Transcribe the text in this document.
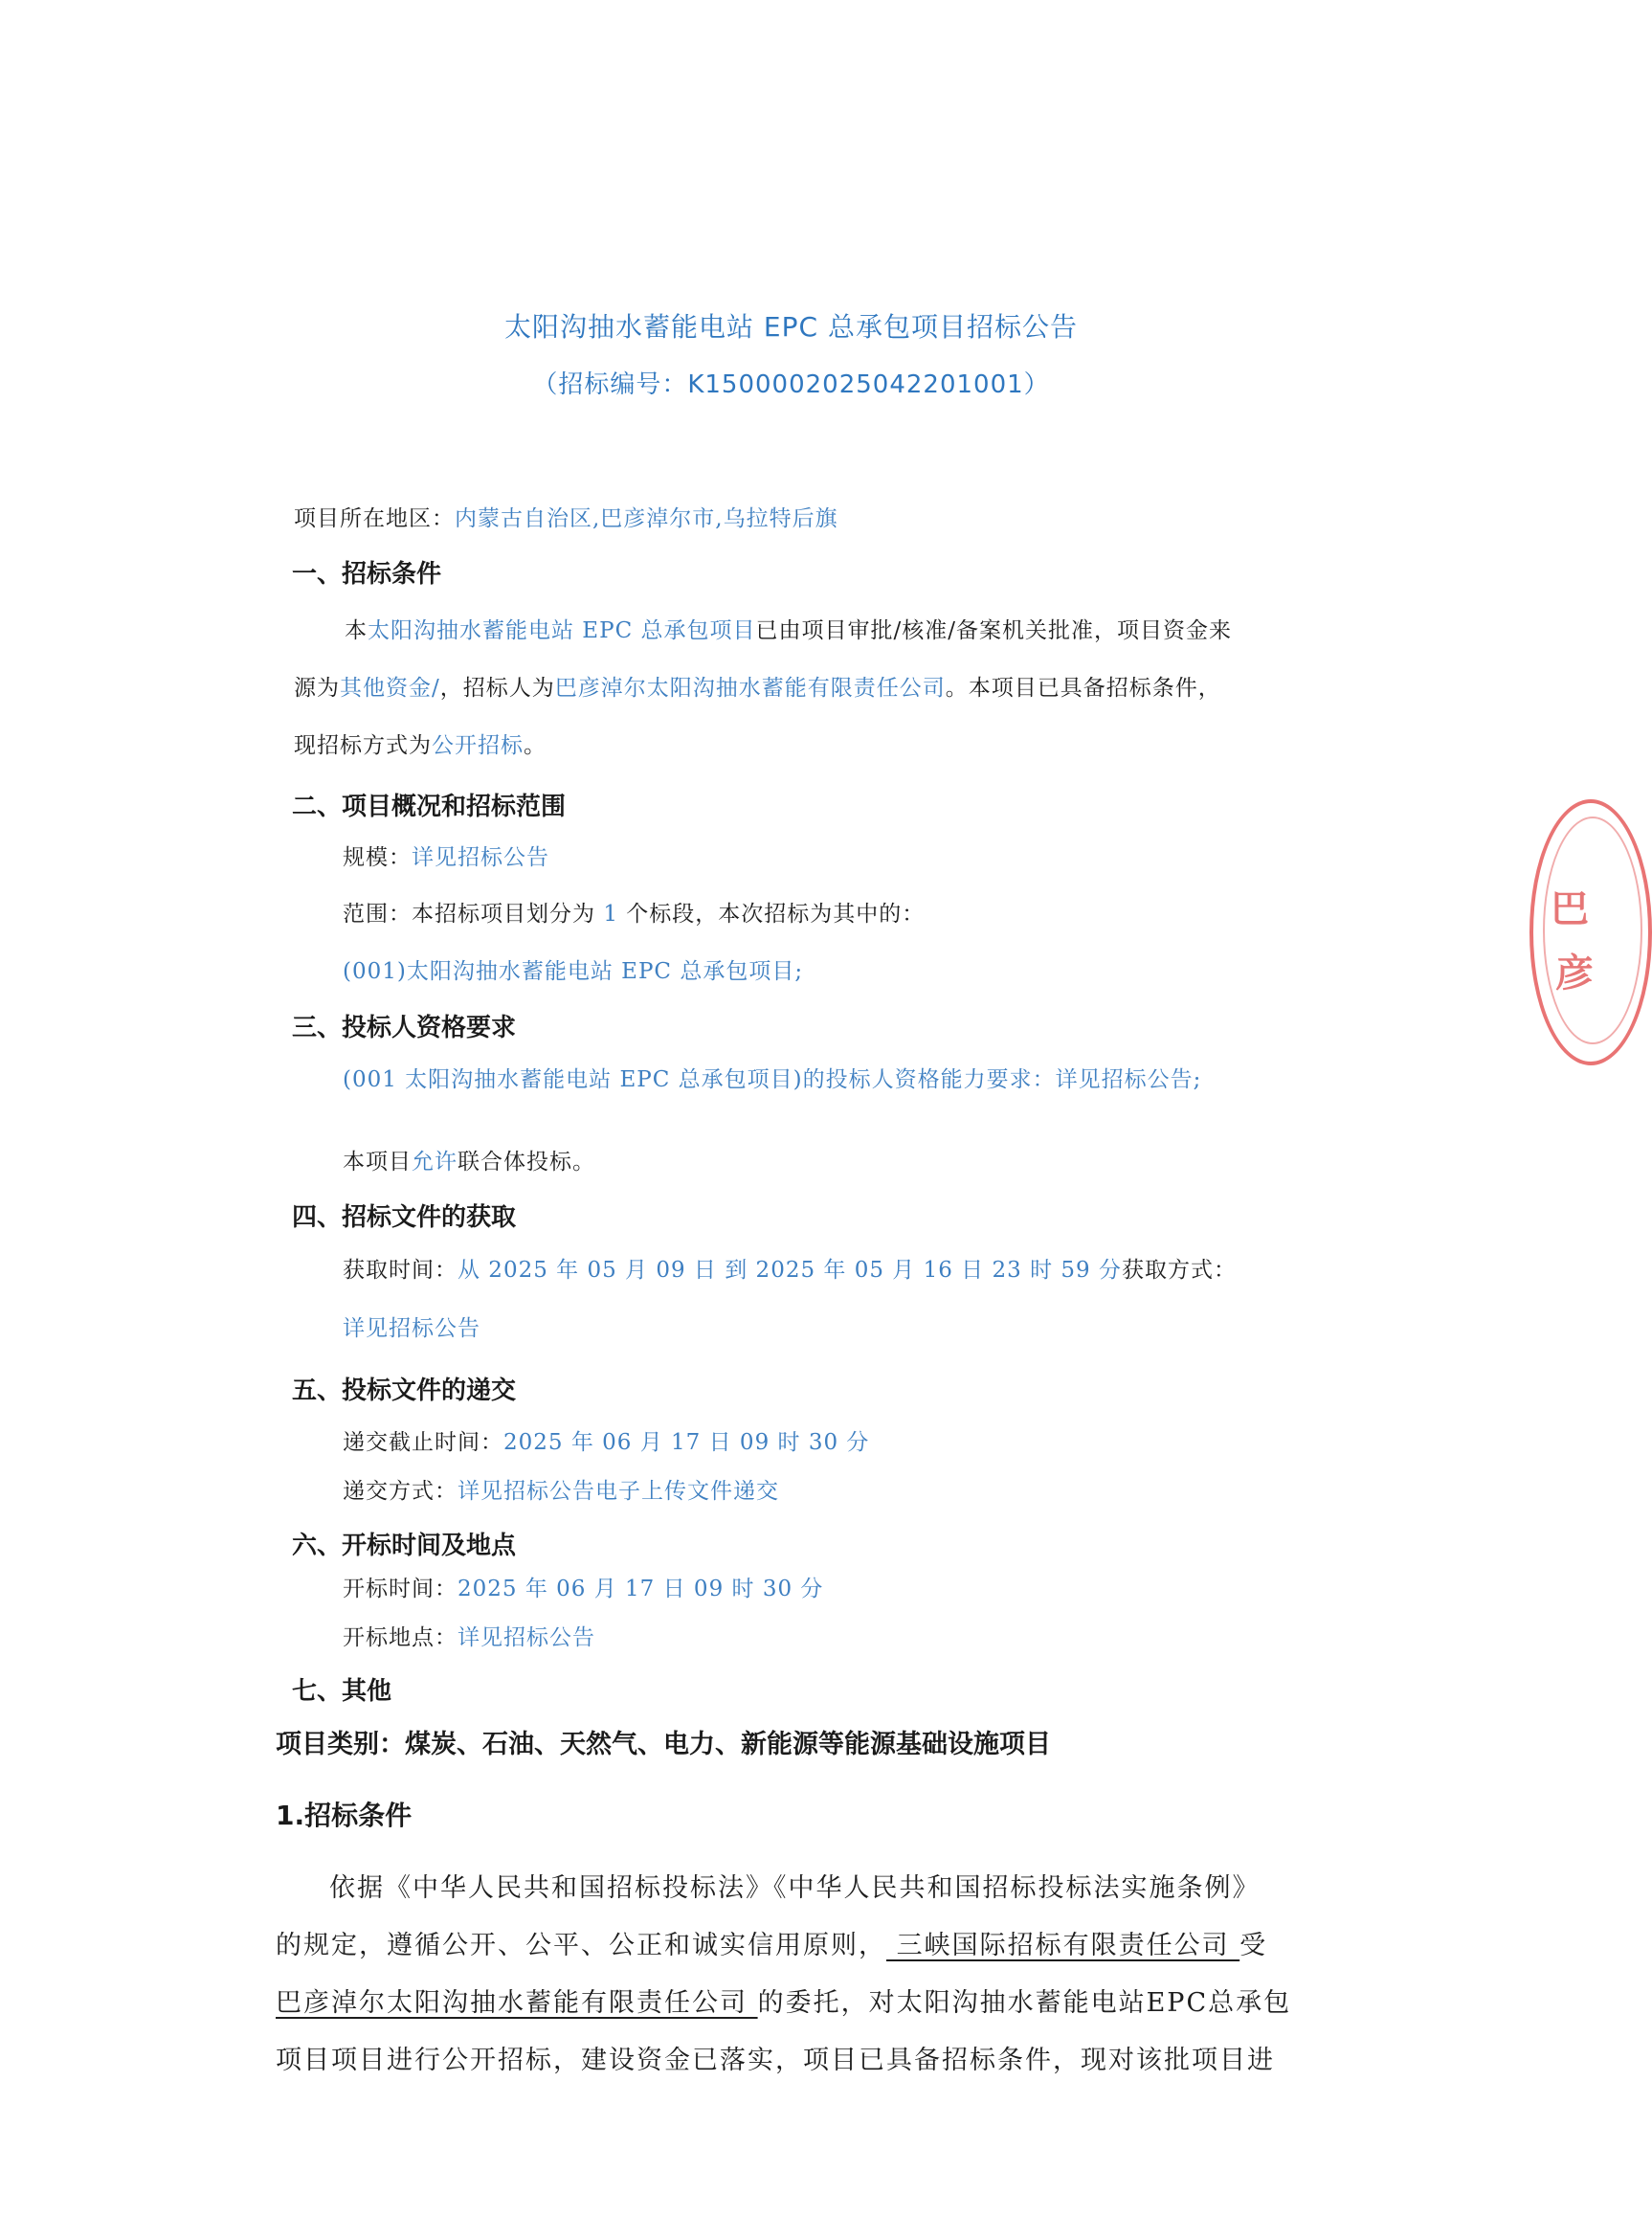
太阳沟抽水蓄能电站 EPC 总承包项目招标公告
（招标编号：K1500002025042201001）
项目所在地区：内蒙古自治区,巴彦淖尔市,乌拉特后旗
一、招标条件
本太阳沟抽水蓄能电站 EPC 总承包项目已由项目审批/核准/备案机关批准，项目资金来
源为其他资金/，招标人为巴彦淖尔太阳沟抽水蓄能有限责任公司。本项目已具备招标条件，
现招标方式为公开招标。
二、项目概况和招标范围
规模：详见招标公告
范围：本招标项目划分为 1 个标段，本次招标为其中的：
(001)太阳沟抽水蓄能电站 EPC 总承包项目;
三、投标人资格要求
(001 太阳沟抽水蓄能电站 EPC 总承包项目)的投标人资格能力要求：详见招标公告;
本项目允许联合体投标。
四、招标文件的获取
获取时间：从 2025 年 05 月 09 日 到 2025 年 05 月 16 日 23 时 59 分获取方式：
详见招标公告
五、投标文件的递交
递交截止时间：2025 年 06 月 17 日 09 时 30 分
递交方式：详见招标公告电子上传文件递交
六、开标时间及地点
开标时间：2025 年 06 月 17 日 09 时 30 分
开标地点：详见招标公告
七、其他
项目类别：煤炭、石油、天然气、电力、新能源等能源基础设施项目
1.招标条件
依据《中华人民共和国招标投标法》《中华人民共和国招标投标法实施条例》
的规定，遵循公开、公平、公正和诚实信用原则， 三峡国际招标有限责任公司 受
巴彦淖尔太阳沟抽水蓄能有限责任公司 的委托，对太阳沟抽水蓄能电站EPC总承包
项目项目进行公开招标，建设资金已落实，项目已具备招标条件，现对该批项目进
巴
彦
